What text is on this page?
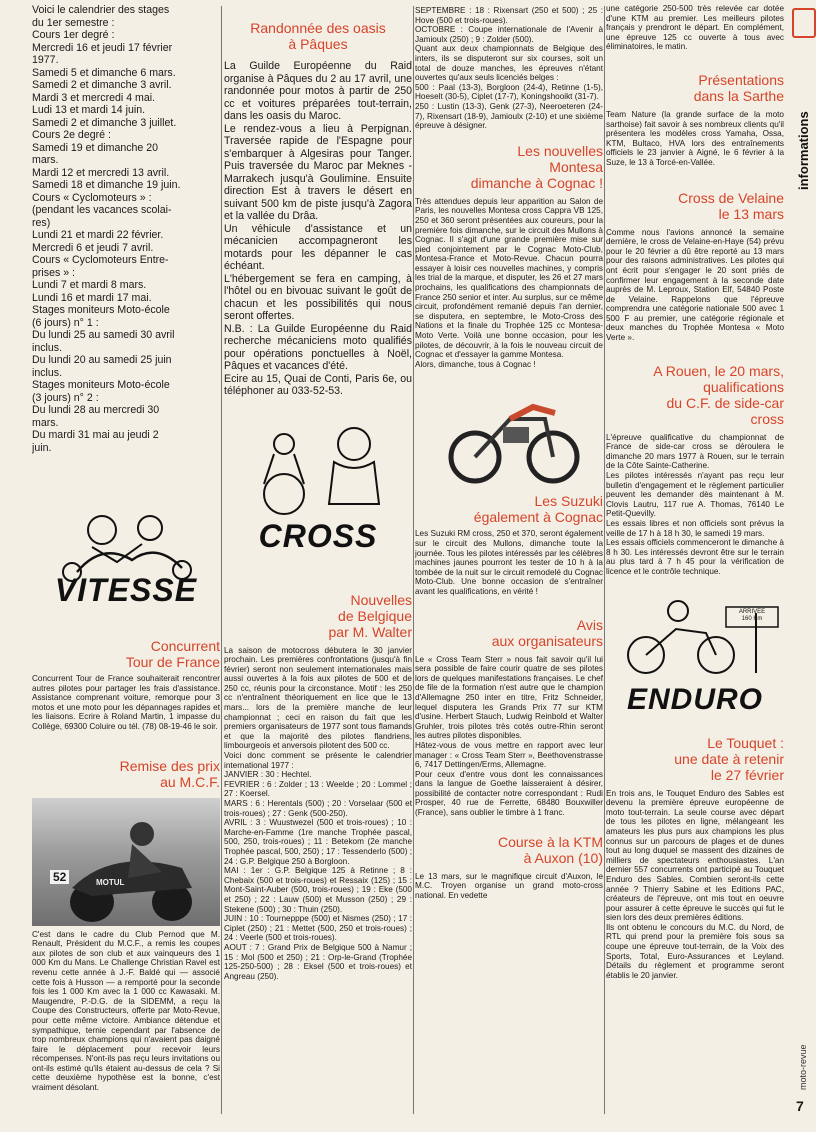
Voici le calendrier des stages
du 1er semestre :
Cours 1er degré :
Mercredi 16 et jeudi 17 février
1977.
Samedi 5 et dimanche 6 mars.
Samedi 2 et dimanche 3 avril.
Mardi 3 et mercredi 4 mai.
Ludi 13 et mardi 14 juin.
Samedi 2 et dimanche 3 juillet.
Cours 2e degré :
Samedi 19 et dimanche 20
mars.
Mardi 12 et mercredi 13 avril.
Samedi 18 et dimanche 19 juin.
Cours « Cyclomoteurs » :
(pendant les vacances scolai-
res)
Lundi 21 et mardi 22 février.
Mercredi 6 et jeudi 7 avril.
Cours « Cyclomoteurs Entre-
prises » :
Lundi 7 et mardi 8 mars.
Lundi 16 et mardi 17 mai.
Stages moniteurs Moto-école
(6 jours) n° 1 :
Du lundi 25 au samedi 30 avril
inclus.
Du lundi 20 au samedi 25 juin
inclus.
Stages moniteurs Moto-école
(3 jours) n° 2 :
Du lundi 28 au mercredi 30
mars.
Du mardi 31 mai au jeudi 2
juin.

VITESSE

Concurrent
Tour de France

Concurrent Tour de France souhaiterait rencontrer autres pilotes pour partager les frais d'assistance. Assistance comprenant voiture, remorque pour 3 motos et une moto pour les dépannages rapides et les liaisons. Ecrire à Roland Martin, 1 impasse du Collège, 69300 Coluire ou tél. (78) 08-19-46 le soir.

Remise des prix
au M.C.F.

52	MOTUL

C'est dans le cadre du Club Pernod que M. Renault, Président du M.C.F., a remis les coupes aux pilotes de son club et aux vainqueurs des 1 000 Km du Mans. Le Challenge Christian Ravel est revenu cette année à J.-F. Baldé qui — associé cette fois à Husson — a remporté pour la seconde fois les 1 000 Km avec la 1 000 cc Kawasaki. M. Maugendre, P.-D.G. de la SIDEMM, a reçu la Coupe des Constructeurs, offerte par Moto-Revue, pour cette même victoire. Ambiance détendue et sympathique, ternie cependant par l'absence de trop nombreux champions qui n'avaient pas daigné faire le déplacement pour recevoir leurs récompenses. N'ont-ils pas reçu leurs invitations ou ont-ils estimé qu'ils étaient au-dessus de cela ? Si cette deuxième hypothèse est la bonne, c'est vraiment désolant.

Randonnée des oasis
à Pâques

La Guilde Européenne du Raid organise à Pâques du 2 au 17 avril, une randonnée pour motos à partir de 250 cc et voitures préparées tout-terrain, dans les oasis du Maroc.
Le rendez-vous a lieu à Perpignan. Traversée rapide de l'Espagne pour s'embarquer à Algesiras pour Tanger. Puis traversée du Maroc par Meknes - Marrakech jusqu'à Goulimine. Ensuite direction Est à travers le désert en suivant 500 km de piste jusqu'à Zagora et la vallée du Drâa.
Un véhicule d'assistance et un mécanicien accompagneront les motards pour les dépanner le cas échéant.
L'hébergement se fera en camping, à l'hôtel ou en bivouac suivant le goût de chacun et les possibilités qui nous seront offertes.
N.B. : La Guilde Européenne du Raid recherche mécaniciens moto qualifiés pour opérations ponctuelles à Noël, Pâques et vacances d'été.
Ecire au 15, Quai de Conti, Paris 6e, ou téléphoner au 033-52-53.

CROSS

Nouvelles
de Belgique
par M. Walter

La saison de motocross débutera le 30 janvier prochain. Les premières confrontations (jusqu'à fin février) seront non seulement internationales mais aussi ouvertes à la fois aux pilotes de 500 et de 250 cc, réunis pour la circonstance. Motif : les 250 cc n'entraînent théoriquement en lice que le 13 mars... lors de la première manche de leur championnat ; ceci en raison du fait que les premiers organisateurs de 1977 sont tous flamands et que la majorité des pilotes flandriens, limbourgeois et anversois pilotent des 500 cc.
Voici donc comment se présente le calendrier international 1977 :
JANVIER : 30 : Hechtel.
FEVRIER : 6 : Zolder ; 13 : Weelde ; 20 : Lommel ; 27 : Koersel.
MARS : 6 : Herentals (500) ; 20 : Vorselaar (500 et trois-roues) ; 27 : Genk (500-250).
AVRIL : 3 : Wuustwezel (500 et trois-roues) ; 10 : Marche-en-Famme (1re manche Trophée pascal, 500, 250, trois-roues) ; 11 : Betekom (2e manche Trophée pascal, 500, 250) ; 17 : Tessenderlo (500) ; 24 : G.P. Belgique 250 à Borgloon.
MAI : 1er : G.P. Belgique 125 à Retinne ; 8 : Chebaix (500 et trois-roues) et Ressaix (125) ; 15 : Mont-Saint-Auber (500, trois-roues) ; 19 : Eke (500 et 250) ; 22 : Lauw (500) et Musson (250) ; 29 : Stekene (500) ; 30 : Thuin (250).
JUIN : 10 : Tournepppe (500) et Nismes (250) ; 17 : Ciplet (250) ; 21 : Mettet (500, 250 et trois-roues) ; 24 : Veerle (500 et trois-roues).
AOUT : 7 : Grand Prix de Belgique 500 à Namur ; 15 : Mol (500 et 250) ; 21 : Orp-le-Grand (Trophée 125-250-500) ; 28 : Eksel (500 et trois-roues) et Angreau (250).

SEPTEMBRE : 18 : Rixensart (250 et 500) ; 25 : Hove (500 et trois-roues).
OCTOBRE : Coupe internationale de l'Avenir à Jamioulx (250) ; 9 : Zolder (500).
Quant aux deux championnats de Belgique des inters, ils se disputeront sur six courses, soit un total de douze manches, les épreuves n'étant ouvertes qu'aux seuls licenciés belges :
500 : Paal (13-3), Borgloon (24-4), Retinne (1-5), Hoeselt (30-5), Ciplet (17-7), Koningshooikt (31-7).
250 : Lustin (13-3), Genk (27-3), Neeroeteren (24-7), Rixensart (18-9), Jamioulx (2-10) et une sixième épreuve à désigner.

Les nouvelles
Montesa
dimanche à Cognac !

Très attendues depuis leur apparition au Salon de Paris, les nouvelles Montesa cross Cappra VB 125, 250 et 360 seront présentées aux coureurs, pour la première fois dimanche, sur le circuit des Mullons à Cognac. Il s'agit d'une grande première mise sur pied conjointement par le Cognac Moto-Club, Montesa-France et Moto-Revue. Chacun pourra essayer à loisir ces nouvelles machines, y compris les trial de la marque, et disputer, les 26 et 27 mars prochains, les qualifications des championnats de France 250 senior et inter. Au surplus, sur ce même circuit, profondément remanié depuis l'an dernier, se disputera, en septembre, le Moto-Cross des Nations et la finale du Trophée 125 cc Montesa-Moto Verte. Voilà une bonne occasion, pour les pilotes, de découvrir, à la fois le nouveau circuit de Cognac et d'essayer la gamme Montesa.
Alors, dimanche, tous à Cognac !

Les Suzuki
également à Cognac

Les Suzuki RM cross, 250 et 370, seront également sur le circuit des Mullons, dimanche toute la journée. Tous les pilotes intéressés par les célèbres machines jaunes pourront les tester de 10 h à la tombée de la nuit sur le circuit remodelé du Cognac Moto-Club. Une bonne occasion de s'entraîner avant les qualifications, en vérité !

Avis
aux organisateurs

Le « Cross Team Sterr » nous fait savoir qu'il lui sera possible de faire courir quatre de ses pilotes lors de quelques manifestations françaises. Le chef de file de la formation n'est autre que le champion d'Allemagne 250 inter en titre, Fritz Schneider, lequel disputera les Grands Prix 77 sur KTM d'usine. Herbert Stauch, Ludwig Reinbold et Walter Gruhler, trois pilotes très cotés outre-Rhin seront les autres pilotes disponibles.
Hâtez-vous de vous mettre en rapport avec leur manager : « Cross Team Sterr », Beethovenstrasse 6, 7417 Dettingen/Erms, Allemagne.
Pour ceux d'entre vous dont les connaissances dans la langue de Goethe laisseraient à désirer, possibilité de contacter notre correspondant : Rudi Prosper, 40 rue de Ferrette, 68480 Bouxwiller (France), sans oublier le timbre à 1 franc.

Course à la KTM
à Auxon (10)

Le 13 mars, sur le magnifique circuit d'Auxon, le M.C. Troyen organise un grand moto-cross national. En vedette

une catégorie 250-500 très relevée car dotée d'une KTM au premier. Les meilleurs pilotes français y prendront le départ. En complément, une épreuve 125 cc ouverte à tous avec éliminatoires, le matin.

Présentations
dans la Sarthe

Team Nature (la grande surface de la moto sarthoise) fait savoir à ses nombreux clients qu'il présentera les modèles cross Yamaha, Ossa, KTM, Bultaco, HVA lors des entraînements officiels le 23 janvier à Aigné, le 6 février à la Suze, le 13 à Torcé-en-Vallée.

Cross de Velaine
le 13 mars

Comme nous l'avions annoncé la semaine dernière, le cross de Velaine-en-Haye (54) prévu pour le 20 février a dû être reporté au 13 mars pour des raisons administratives. Les pilotes qui ont écrit pour s'engager le 20 sont priés de confirmer leur engagement à la seconde date auprès de M. Leproux, Station Elf, 54840 Poste de Velaine. Rappelons que l'épreuve comprendra une catégorie nationale 500 avec 1 500 F au premier, une catégorie régionale et deux manches du Trophée Montesa « Moto Verte ».

A Rouen, le 20 mars,
qualifications
du C.F. de side-car
cross

L'épreuve qualificative du championnat de France de side-car cross se déroulera le dimanche 20 mars 1977 à Rouen, sur le terrain de la Côte Sainte-Catherine.
Les pilotes intéressés n'ayant pas reçu leur bulletin d'engagement et le règlement particulier peuvent les demander dès maintenant à M. Clovis Lautru, 117 rue A. Thomas, 76140 Le Petit-Quevilly.
Les essais libres et non officiels sont prévus la veille de 17 h à 18 h 30, le samedi 19 mars.
Les essais officiels commenceront le dimanche à 8 h 30. Les intéressés devront être sur le terrain au plus tard à 7 h 45 pour la vérification de licence et le contrôle technique.

ARRIVEE
160 Km
ENDURO

Le Touquet :
une date à retenir
le 27 février

En trois ans, le Touquet Enduro des Sables est devenu la première épreuve européenne de moto tout-terrain. La seule course avec départ de tous les pilotes en ligne, mélangeant les amateurs les plus purs aux champions les plus connus sur un parcours de plages et de dunes tout au long duquel se massent des dizaines de milliers de spectateurs enthousiastes. L'an dernier 557 concurrents ont participé au Touquet Enduro des Sables. Combien seront-ils cette année ? Thierry Sabine et les Editions PAC, créateurs de l'épreuve, ont mis tout en oeuvre pour assurer à cette épreuve le succès qui fut le sien lors des deux premières éditions.
Ils ont obtenu le concours du M.C. du Nord, de RTL qui prend pour la première fois sous sa coupe une épreuve tout-terrain, de la Voix des Sports, Total, Euro-Assurances et Leyland. Détails du règlement et programme seront établis le 20 janvier.

informations
moto-revue
7
